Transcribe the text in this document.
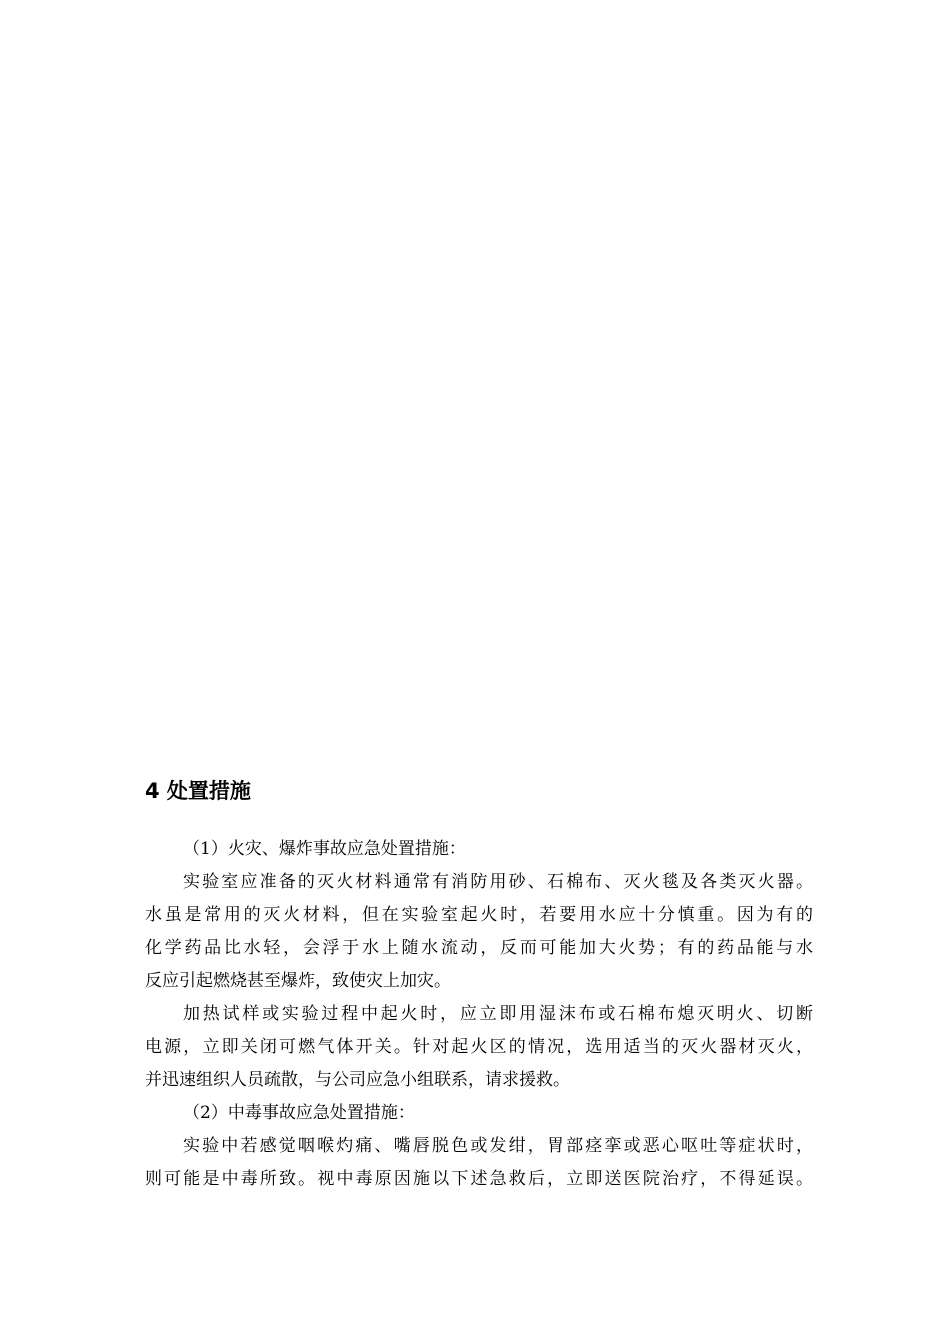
4 处置措施

（1）火灾、爆炸事故应急处置措施：

实验室应准备的灭火材料通常有消防用砂、石棉布、灭火毯及各类灭火器。

水虽是常用的灭火材料，但在实验室起火时，若要用水应十分慎重。因为有的

化学药品比水轻，会浮于水上随水流动，反而可能加大火势；有的药品能与水

反应引起燃烧甚至爆炸，致使灾上加灾。

加热试样或实验过程中起火时，应立即用湿沫布或石棉布熄灭明火、切断

电源，立即关闭可燃气体开关。针对起火区的情况，选用适当的灭火器材灭火，

并迅速组织人员疏散，与公司应急小组联系，请求援救。

（2）中毒事故应急处置措施：

实验中若感觉咽喉灼痛、嘴唇脱色或发绀，胃部痉挛或恶心呕吐等症状时，

则可能是中毒所致。视中毒原因施以下述急救后，立即送医院治疗，不得延误。
